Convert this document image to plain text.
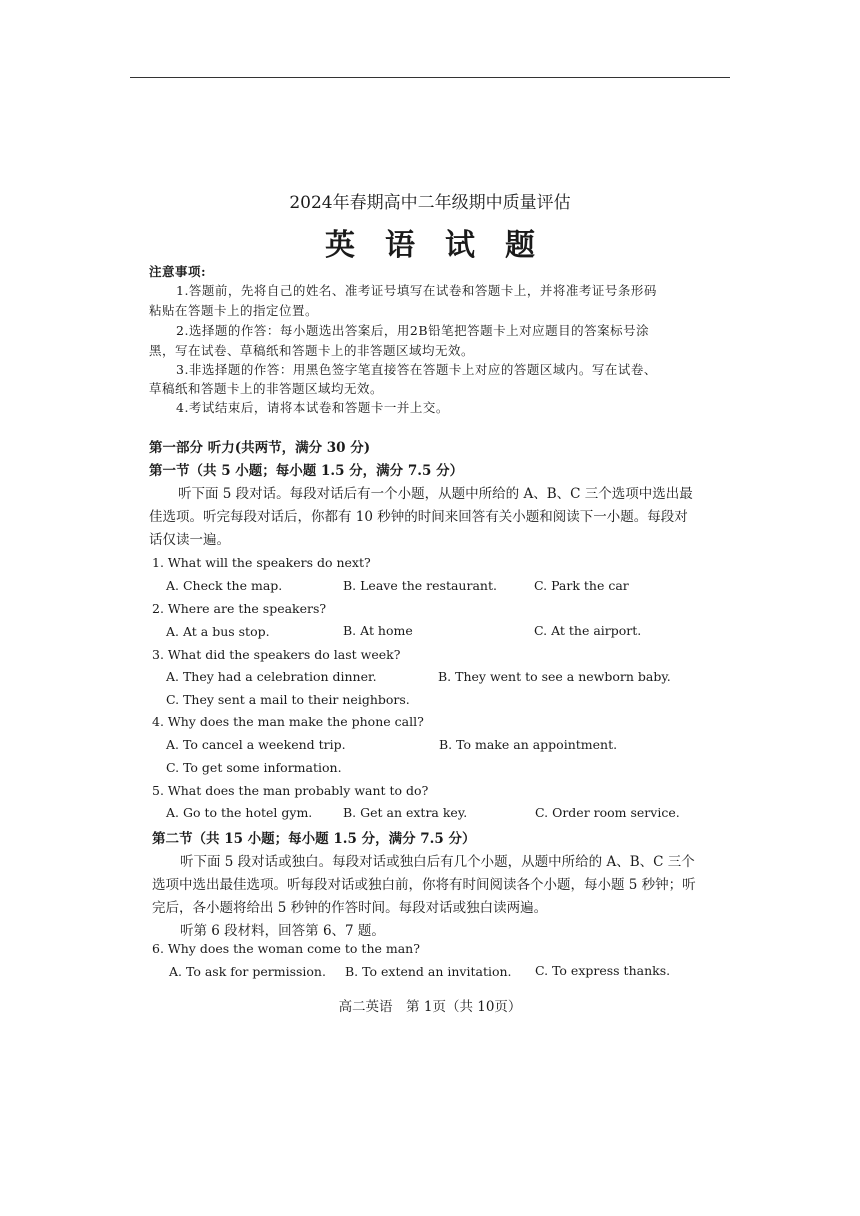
2024年春期高中二年级期中质量评估
英语试题
注意事项:
1.答题前，先将自己的姓名、准考证号填写在试卷和答题卡上，并将准考证号条形码
粘贴在答题卡上的指定位置。
2.选择题的作答：每小题选出答案后，用2B铅笔把答题卡上对应题目的答案标号涂
黑，写在试卷、草稿纸和答题卡上的非答题区域均无效。
3.非选择题的作答：用黑色签字笔直接答在答题卡上对应的答题区域内。写在试卷、
草稿纸和答题卡上的非答题区域均无效。
4.考试结束后，请将本试卷和答题卡一并上交。
第一部分 听力(共两节，满分 30 分)
第一节（共 5 小题；每小题 1.5 分，满分 7.5 分）
听下面 5 段对话。每段对话后有一个小题，从题中所给的 A、B、C 三个选项中选出最
佳选项。听完每段对话后，你都有 10 秒钟的时间来回答有关小题和阅读下一小题。每段对
话仅读一遍。
1. What will the speakers do next?
A. Check the map.	B. Leave the restaurant.	C. Park the car
2. Where are the speakers?
A. At a bus stop.	B. At home	C. At the airport.
3. What did the speakers do last week?
A. They had a celebration dinner.	B. They went to see a newborn baby.
C. They sent a mail to their neighbors.
4. Why does the man make the phone call?
A. To cancel a weekend trip.	B. To make an appointment.
C. To get some information.
5. What does the man probably want to do?
A. Go to the hotel gym. B. Get an extra key.	C. Order room service.
第二节（共 15 小题；每小题 1.5 分，满分 7.5 分）
听下面 5 段对话或独白。每段对话或独白后有几个小题，从题中所给的 A、B、C 三个
选项中选出最佳选项。听每段对话或独白前，你将有时间阅读各个小题，每小题 5 秒钟；听
完后，各小题将给出 5 秒钟的作答时间。每段对话或独白读两遍。
听第 6 段材料，回答第 6、7 题。
6. Why does the woman come to the man?
A. To ask for permission. B. To extend an invitation. C. To express thanks.
高二英语　第 1页（共 10页）
